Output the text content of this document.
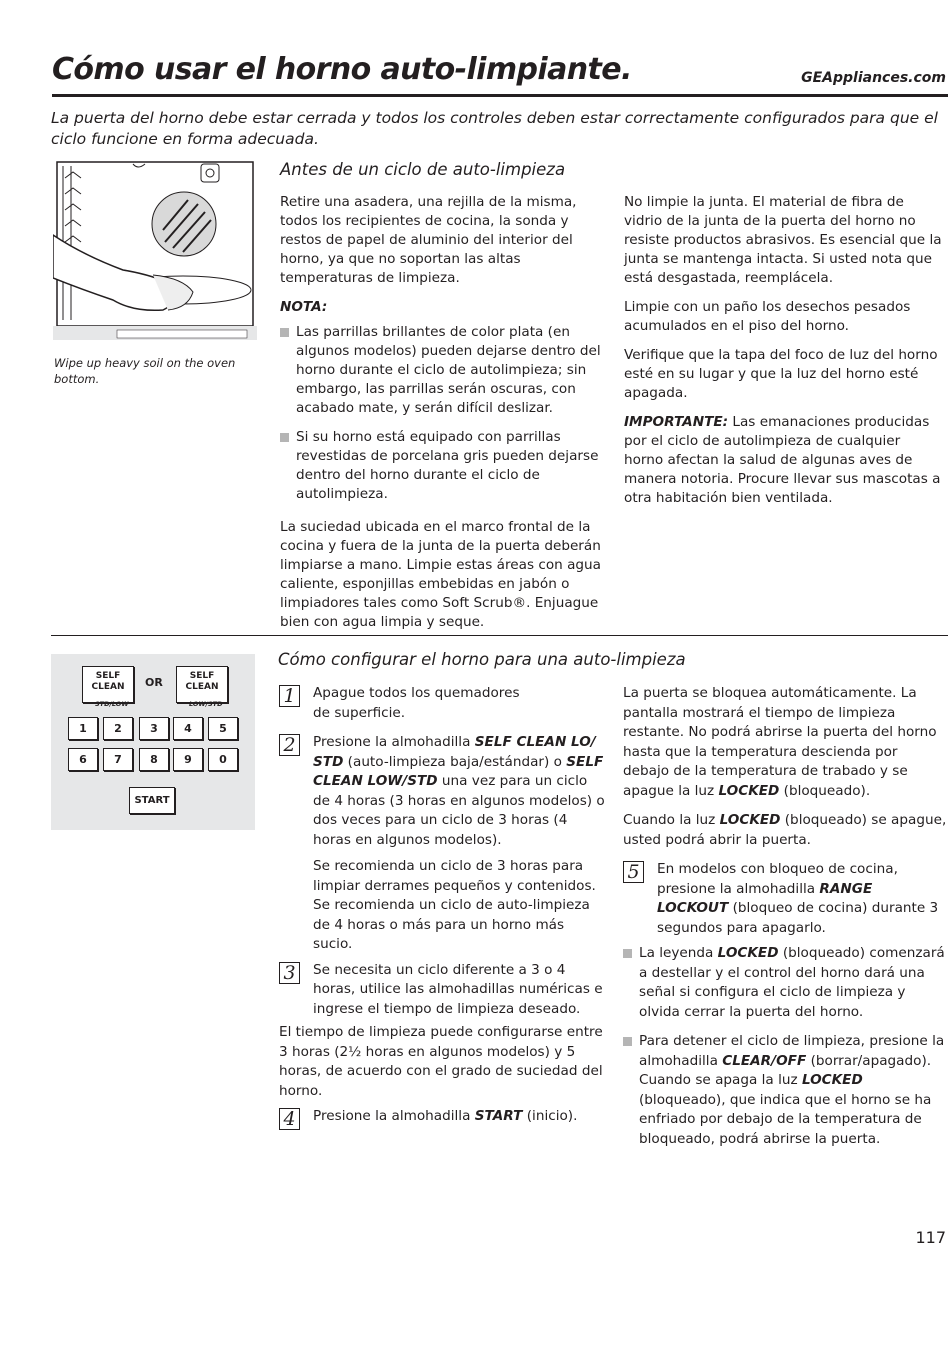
Cómo usar el horno auto-limpiante.	GEAppliances.com
La puerta del horno debe estar cerrada y todos los controles deben estar correctamente configurados para que el ciclo funcione en forma adecuada.
Wipe up heavy soil on the oven bottom.
Antes de un ciclo de auto-limpieza

Retire una asadera, una rejilla de la misma, todos los recipientes de cocina, la sonda y restos de papel de aluminio del interior del horno, ya que no soportan las altas temperaturas de limpieza.

NOTA:

Las parrillas brillantes de color plata (en algunos modelos) pueden dejarse dentro del horno durante el ciclo de autolimpieza; sin embargo, las parrillas serán oscuras, con acabado mate, y serán difícil deslizar.

Si su horno está equipado con parrillas revestidas de porcelana gris pueden dejarse dentro del horno durante el ciclo de autolimpieza.

La suciedad ubicada en el marco frontal de la cocina y fuera de la junta de la puerta deberán limpiarse a mano. Limpie estas áreas con agua caliente, esponjillas embebidas en jabón o limpiadores tales como Soft Scrub®. Enjuague bien con agua limpia y seque.

No limpie la junta. El material de fibra de vidrio de la junta de la puerta del horno no resiste productos abrasivos. Es esencial que la junta se mantenga intacta. Si usted nota que está desgastada, reemplácela.

Limpie con un paño los desechos pesados acumulados en el piso del horno.

Verifique que la tapa del foco de luz del horno esté en su lugar y que la luz del horno esté apagada.

IMPORTANTE: Las emanaciones producidas por el ciclo de autolimpieza de cualquier horno afectan la salud de algunas aves de manera notoria. Procure llevar sus mascotas a otra habitación bien ventilada.

SELF
CLEAN
STD/LOW
OR	SELF
CLEAN
LOW/STD
1	2	3	4	5
6	7	8	9	0
START
Cómo configurar el horno para una auto-limpieza
1	Apague todos los quemadores de superficie.
2	Presione la almohadilla SELF CLEAN LO/ STD (auto-limpieza baja/estándar) o SELF CLEAN LOW/STD una vez para un ciclo de 4 horas (3 horas en algunos modelos) o dos veces para un ciclo de 3 horas (4 horas en algunos modelos).
Se recomienda un ciclo de 3 horas para limpiar derrames pequeños y contenidos. Se recomienda un ciclo de auto-limpieza de 4 horas o más para un horno más sucio.
3	Se necesita un ciclo diferente a 3 o 4 horas, utilice las almohadillas numéricas e ingrese el tiempo de limpieza deseado.
El tiempo de limpieza puede configurarse entre 3 horas (2½ horas en algunos modelos) y 5 horas, de acuerdo con el grado de suciedad del horno.
4	Presione la almohadilla START (inicio).

La puerta se bloquea automáticamente. La pantalla mostrará el tiempo de limpieza restante. No podrá abrirse la puerta del horno hasta que la temperatura descienda por debajo de la temperatura de trabado y se apague la luz LOCKED (bloqueado).

Cuando la luz LOCKED (bloqueado) se apague, usted podrá abrir la puerta.

5	En modelos con bloqueo de cocina, presione la almohadilla RANGE LOCKOUT (bloqueo de cocina) durante 3 segundos para apagarlo.

La leyenda LOCKED (bloqueado) comenzará a destellar y el control del horno dará una señal si configura el ciclo de limpieza y olvida cerrar la puerta del horno.

Para detener el ciclo de limpieza, presione la almohadilla CLEAR/OFF (borrar/apagado). Cuando se apaga la luz LOCKED (bloqueado), que indica que el horno se ha enfriado por debajo de la temperatura de bloqueado, podrá abrirse la puerta.

117
